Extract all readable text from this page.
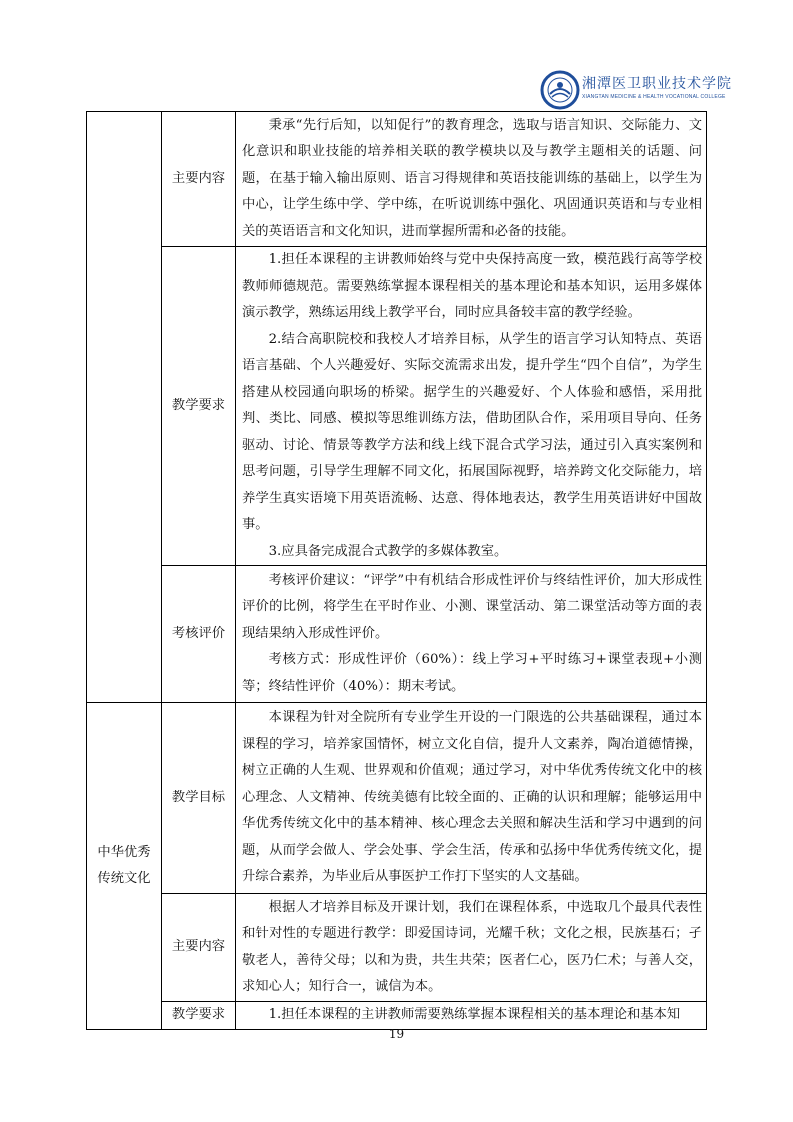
湘潭医卫职业技术学院
XIANGTAN MEDICINE & HEALTH VOCATIONAL COLLEGE
	主要内容	秉承“先行后知，以知促行”的教育理念，选取与语言知识、交际能力、文化意识和职业技能的培养相关联的教学模块以及与教学主题相关的话题、问题，在基于输入输出原则、语言习得规律和英语技能训练的基础上，以学生为中心，让学生练中学、学中练，在听说训练中强化、巩固通识英语和与专业相关的英语语言和文化知识，进而掌握所需和必备的技能。

	教学要求	1.担任本课程的主讲教师始终与党中央保持高度一致，模范践行高等学校教师师德规范。需要熟练掌握本课程相关的基本理论和基本知识，运用多媒体演示教学，熟练运用线上教学平台，同时应具备较丰富的教学经验。

2.结合高职院校和我校人才培养目标，从学生的语言学习认知特点、英语语言基础、个人兴趣爱好、实际交流需求出发，提升学生“四个自信”，为学生搭建从校园通向职场的桥梁。据学生的兴趣爱好、个人体验和感悟，采用批判、类比、同感、模拟等思维训练方法，借助团队合作，采用项目导向、任务驱动、讨论、情景等教学方法和线上线下混合式学习法，通过引入真实案例和思考问题，引导学生理解不同文化，拓展国际视野，培养跨文化交际能力，培养学生真实语境下用英语流畅、达意、得体地表达，教学生用英语讲好中国故事。

3.应具备完成混合式教学的多媒体教室。

	考核评价	考核评价建议：“评学”中有机结合形成性评价与终结性评价，加大形成性评价的比例，将学生在平时作业、小测、课堂活动、第二课堂活动等方面的表现结果纳入形成性评价。

考核方式：形成性评价（60%）：线上学习+平时练习+课堂表现+小测等；终结性评价（40%）：期末考试。

中华优秀
传统文化	教学目标	本课程为针对全院所有专业学生开设的一门限选的公共基础课程，通过本课程的学习，培养家国情怀，树立文化自信，提升人文素养，陶冶道德情操，树立正确的人生观、世界观和价值观；通过学习，对中华优秀传统文化中的核心理念、人文精神、传统美德有比较全面的、正确的认识和理解；能够运用中华优秀传统文化中的基本精神、核心理念去关照和解决生活和学习中遇到的问题，从而学会做人、学会处事、学会生活，传承和弘扬中华优秀传统文化，提升综合素养，为毕业后从事医护工作打下坚实的人文基础。

	主要内容	根据人才培养目标及开课计划，我们在课程体系，中选取几个最具代表性和针对性的专题进行教学：即爱国诗词，光耀千秋；文化之根，民族基石；孑敬老人，善待父母；以和为贵，共生共荣；医者仁心，医乃仁术；与善人交，求知心人；知行合一，诚信为本。

	教学要求	1.担任本课程的主讲教师需要熟练掌握本课程相关的基本理论和基本知

19
